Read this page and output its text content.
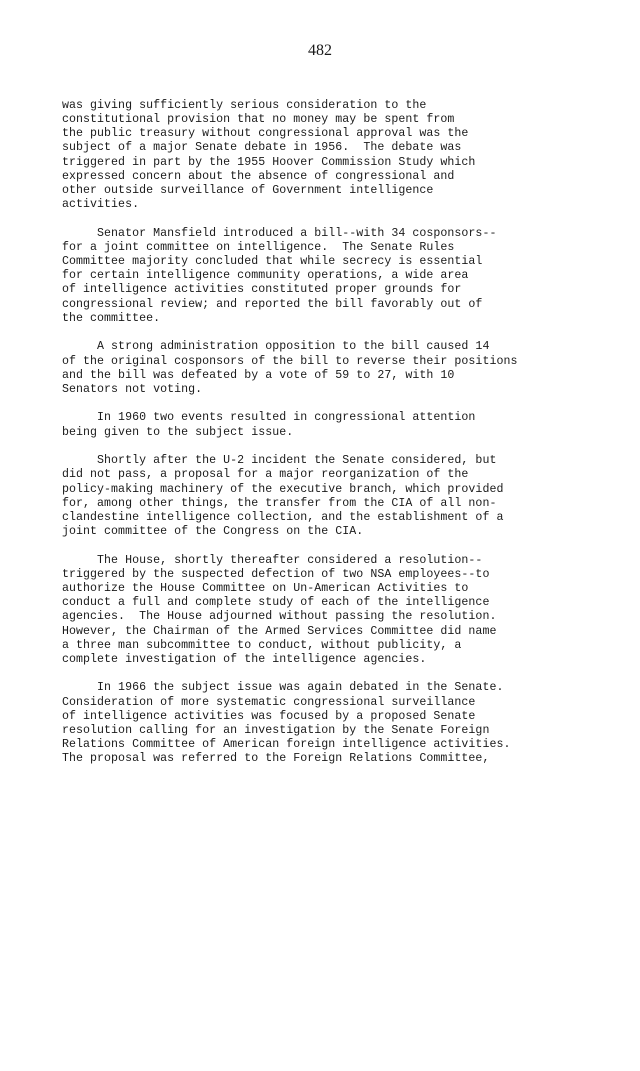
482
was giving sufficiently serious consideration to the
constitutional provision that no money may be spent from
the public treasury without congressional approval was the
subject of a major Senate debate in 1956.  The debate was
triggered in part by the 1955 Hoover Commission Study which
expressed concern about the absence of congressional and
other outside surveillance of Government intelligence
activities.
Senator Mansfield introduced a bill--with 34 cosponsors--
for a joint committee on intelligence.  The Senate Rules
Committee majority concluded that while secrecy is essential
for certain intelligence community operations, a wide area
of intelligence activities constituted proper grounds for
congressional review; and reported the bill favorably out of
the committee.
A strong administration opposition to the bill caused 14
of the original cosponsors of the bill to reverse their positions
and the bill was defeated by a vote of 59 to 27, with 10
Senators not voting.
In 1960 two events resulted in congressional attention
being given to the subject issue.
Shortly after the U-2 incident the Senate considered, but
did not pass, a proposal for a major reorganization of the
policy-making machinery of the executive branch, which provided
for, among other things, the transfer from the CIA of all non-
clandestine intelligence collection, and the establishment of a
joint committee of the Congress on the CIA.
The House, shortly thereafter considered a resolution--
triggered by the suspected defection of two NSA employees--to
authorize the House Committee on Un-American Activities to
conduct a full and complete study of each of the intelligence
agencies.  The House adjourned without passing the resolution.
However, the Chairman of the Armed Services Committee did name
a three man subcommittee to conduct, without publicity, a
complete investigation of the intelligence agencies.
In 1966 the subject issue was again debated in the Senate.
Consideration of more systematic congressional surveillance
of intelligence activities was focused by a proposed Senate
resolution calling for an investigation by the Senate Foreign
Relations Committee of American foreign intelligence activities.
The proposal was referred to the Foreign Relations Committee,
